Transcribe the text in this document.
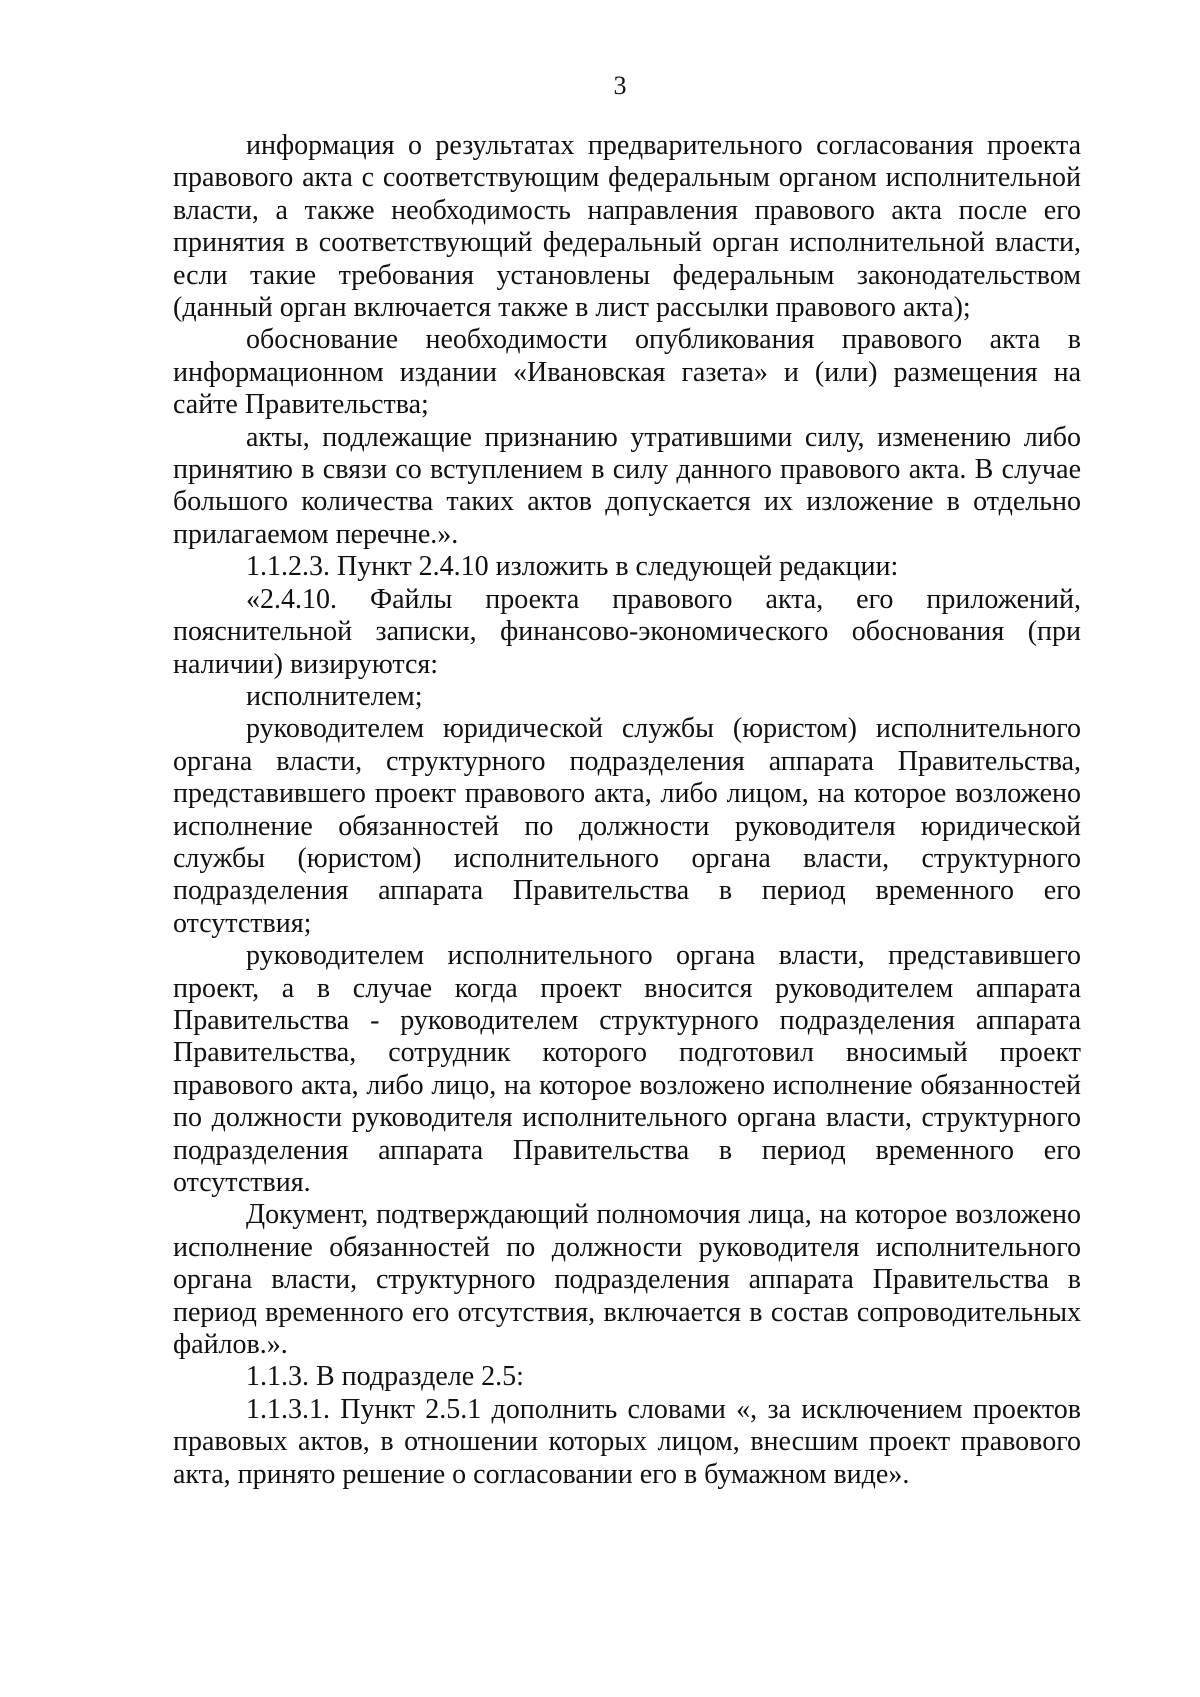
3

информация о результатах предварительного согласования проекта правового акта с соответствующим федеральным органом исполнительной власти, а также необходимость направления правового акта после его принятия в соответствующий федеральный орган исполнительной власти, если такие требования установлены федеральным законодательством (данный орган включается также в лист рассылки правового акта);

обоснование необходимости опубликования правового акта в информационном издании «Ивановская газета» и (или) размещения на сайте Правительства;

акты, подлежащие признанию утратившими силу, изменению либо принятию в связи со вступлением в силу данного правового акта. В случае большого количества таких актов допускается их изложение в отдельно прилагаемом перечне.».

1.1.2.3. Пункт 2.4.10 изложить в следующей редакции:

«2.4.10. Файлы проекта правового акта, его приложений, пояснительной записки, финансово-экономического обоснования (при наличии) визируются:

исполнителем;

руководителем юридической службы (юристом) исполнительного органа власти, структурного подразделения аппарата Правительства, представившего проект правового акта, либо лицом, на которое возложено исполнение обязанностей по должности руководителя юридической службы (юристом) исполнительного органа власти, структурного подразделения аппарата Правительства в период временного его отсутствия;

руководителем исполнительного органа власти, представившего проект, а в случае когда проект вносится руководителем аппарата Правительства - руководителем структурного подразделения аппарата Правительства, сотрудник которого подготовил вносимый проект правового акта, либо лицо, на которое возложено исполнение обязанностей по должности руководителя исполнительного органа власти, структурного подразделения аппарата Правительства в период временного его отсутствия.

Документ, подтверждающий полномочия лица, на которое возложено исполнение обязанностей по должности руководителя исполнительного органа власти, структурного подразделения аппарата Правительства в период временного его отсутствия, включается в состав сопроводительных файлов.».

1.1.3. В подразделе 2.5:

1.1.3.1. Пункт 2.5.1 дополнить словами «, за исключением проектов правовых актов, в отношении которых лицом, внесшим проект правового акта, принято решение о согласовании его в бумажном виде».
